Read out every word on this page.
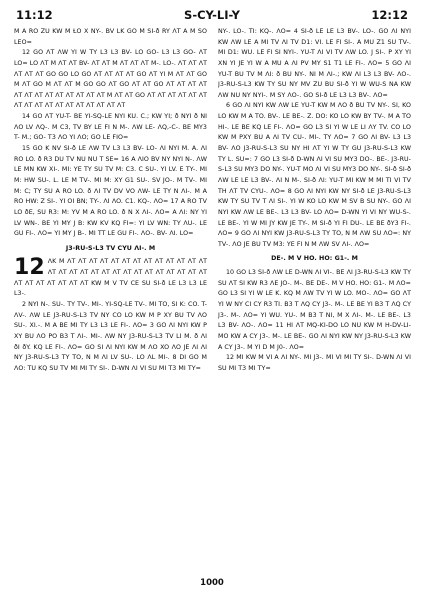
11:12	S-CY-LI-Y	12:12

M A RO ZU KW M ȽO X NY-. BV LK GO M SI-ð RY ɅT A M SO LEO=

12 GO ɅT ɅW YI W TY L3 L3 BV- LO GO- L3 L3 GO- ɅT LO= LO ɅT M ɅT ɅT BV- ɅT ɅT M ɅT ɅT ɅT M-. LO-. ɅT ɅT ɅT ɅT ɅT ɅT GO GO LO GO ɅT ɅT ɅT ɅT GO ɅT YI M ɅT ɅT GO M ɅT GO M ɅT ɅT M GO GO ɅT GO ɅT ɅT GO ɅT ɅT ɅT ɅT ɅT ɅT ɅT ɅT ɅT ɅT ɅT ɅT ɅT M ɅT ɅT GO ɅT ɅT ɅT ɅT ɅT ɅT ɅT ɅT ɅT ɅT ɅT ɅT ɅT ɅT ɅT ɅT ɅT

14 GO ɅT YU-T- BE YI-SQ-LE NYI KU. C.; KW YI; ð NYI ð NI ɅO LV ɅQ-. M C3, TV BY LE FI N M-. ɅW LE- ɅQ,-C-. BE MY3 T- M.; GO- T3 ɅO YI ɅO; GO LE FIO=

15 GO K NV SI-ð LE ɅW TV L3 L3 BV- LO- ɅI NYI M. A. ɅI RO LO. ð R3 DU TV NU NU T SE= 16 A ɅIO BV NY NYI N-. ɅW LE MN KW XI-. MI: YE TY SU TV M: C3. C SU-. YI LV. E TY-. MI M: HW SU-. L. LE M TV-. MI M: XY G1 SU-. SV JO-. M TV-. MI M: C; TY SU A RO LO. ð ɅI TV DV VO ɅW- LE TY N ɅI-. M A RO HW: Z SI-. YI OI BN; TY-. ɅI ɅO. C1. KQ-. ɅO= 17 A RO TV LO ðE, SU R3: M: YV M A RO LO. ð N X ɅI-. ɅO= A ɅI: NY YI LV WN-. BE YI MY J B: KW KV KQ FI=: YI LV WN: TY ɅU-. LE GU FI-. ɅO= YI MY J B-. MI TT LE GU FI-. ɅO-. BV- ɅI. LO=

J3-RU-S-L3 TV CYU ɅI-. M
12 ɅK M ɅT ɅT ɅT ɅT ɅT ɅT ɅT ɅT ɅT ɅT ɅT ɅT ɅT ɅT ɅT ɅT ɅT ɅT ɅT ɅT ɅT ɅT ɅT ɅT ɅT ɅT ɅT ɅT ɅT ɅT ɅT ɅT ɅT ɅT ɅT KW M V TV CE SU SI-ð LE L3 L3 LE L3-.

2 NYI N-. SU-. TY TV-. MI-. YI-SQ-LE TV-. MI TO, SI K: CO. T- ɅV-. ɅW LE J3-RU-S-L3 TV NY CO LO KW M P XY BU TV ɅO SU-. XI.-. M A BE MI TY L3 L3 LE FI-. ɅO= 3 GO ɅI NYI KW P XY BU ɅO PO B3 T ɅI-. MI-. ɅW NY J3-RU-S-L3 TV LI M. ð ɅI ðI ðY. KQ LE FI-. ɅO= GO SI ɅI NYI KW M ɅO XO ɅO JE ɅI ɅI NY J3-RU-S-L3 TY TO, N M ɅI LV SU-. LO ɅL MI-. 8 DI GO M ɅO: TU KQ SU TV MI MI TY SI-. D-WN ɅI VI SU MI T3 MI TY=

NY-. LO-. TI: KQ-. ɅO= 4 SI-ð LE LE L3 BV-. LO-. GO ɅI NYI KW ɅW LE A MI TV ɅI TV D1: VI. LE FI SI-. A MU Z1 SU TV-. MI D1: WU. LE FI SI NYI-. YU-T ɅI VI TV ɅW LO. J SI-. P XY YI XN YI JE YI W A MU A ɅI PV MY S1 T1 LE FI-. ɅO= 5 GO ɅI YU-T BU TV M ɅI: ð BU NY-. NI M ɅI-.; KW ɅI L3 L3 BV- ɅO-. J3-RU-S-L3 KW TY SU NY MV ZU BU SI-ð YI W WU-S NA KW ɅW NU NY NYI-. M SY ɅO-. GO SI-ð LE L3 L3 BV-. ɅO=

6 GO ɅI NYI KW ɅW LE YU-T KW M ɅO ð BU TV NY-. SI, KO LO KW M A TO. BV-. LE BE-. Z. DO: KO LO KW BY TV-. M A TO HI-. LE BE KQ LE FI-. ɅO= GO L3 SI YI W LE LI ɅY TV. CO LO KW M PXY BU A ɅI TV CU-. MI-. TY ɅO= 7 GO ɅI BV- L3 L3 BV- ɅO J3-RU-S-L3 SU NY HI ɅT YI W TY GU J3-RU-S-L3 KW TY L. SU=: 7 GO L3 SI-ð D-WN ɅI VI SU MY3 DO-. BE-. J3-RU-S-L3 SU MY3 DO NY-. YU-T MO ɅI VI SU MY3 DO NY-. SI-ð SI-ð ɅW LE LE L3 BV-. ɅI N M-. SI-ð ɅI: YU-T MI KW M MI TI VI TV TH ɅT TV CYU-. ɅO= 8 GO ɅI NYI KW NY SI-ð LE J3-RU-S-L3 KW TY SU TV T ɅI SI-. YI W KO LO KW M SV B SU NY-. GO ɅI NYI KW ɅW LE BE-. L3 L3 BV- LO ɅO= D-WN YI VI NY WU-S-. LE BE-. YI W MI JY KW JE TY-. M SI-ð YI FI DU-. LE BE ðY3 FI-. ɅO= 9 GO ɅI NYI KW J3-RU-S-L3 TY TO, N M ɅW SU ɅO=: NY TV-. ɅO JE BU TV M3: YE FI N M ɅW SV ɅI-. ɅO=

DE-. M V HO. HO: G1-. M

10 GO L3 SI-ð ɅW LE D-WN ɅI VI-. BE ɅI J3-RU-S-L3 KW TY SU ɅT SI KW R3 ɅE JO-. M-. BE DE-. M V HO. HO: G1-. M ɅO= GO L3 SI YI W LE K. KQ M ɅW TV YI W LO. MO-. ɅO= GO ɅT YI W NY CI CY R3 TI. B3 T ɅQ CY J3-. M-. LE BE YI B3 T ɅQ CY J3-. M-. ɅO= YI WU. YU-. M B3 T NI, M X ɅI-. M-. LE BE-. L3 L3 BV- ɅO-. ɅO= 11 HI ɅT MQ-KI-DO LO NU KW M H-DV-LI-MO KW A CY J3-. M-. LE BE-. GO ɅI NYI KW NY J3-RU-S-L3 KW A CY J3-. M YI D M J0-. ɅO=

12 MI KW M VI A ɅI NY-. MI J3-. MI VI MI TY SI-. D-WN ɅI VI SU MI T3 MI TY=

1000
